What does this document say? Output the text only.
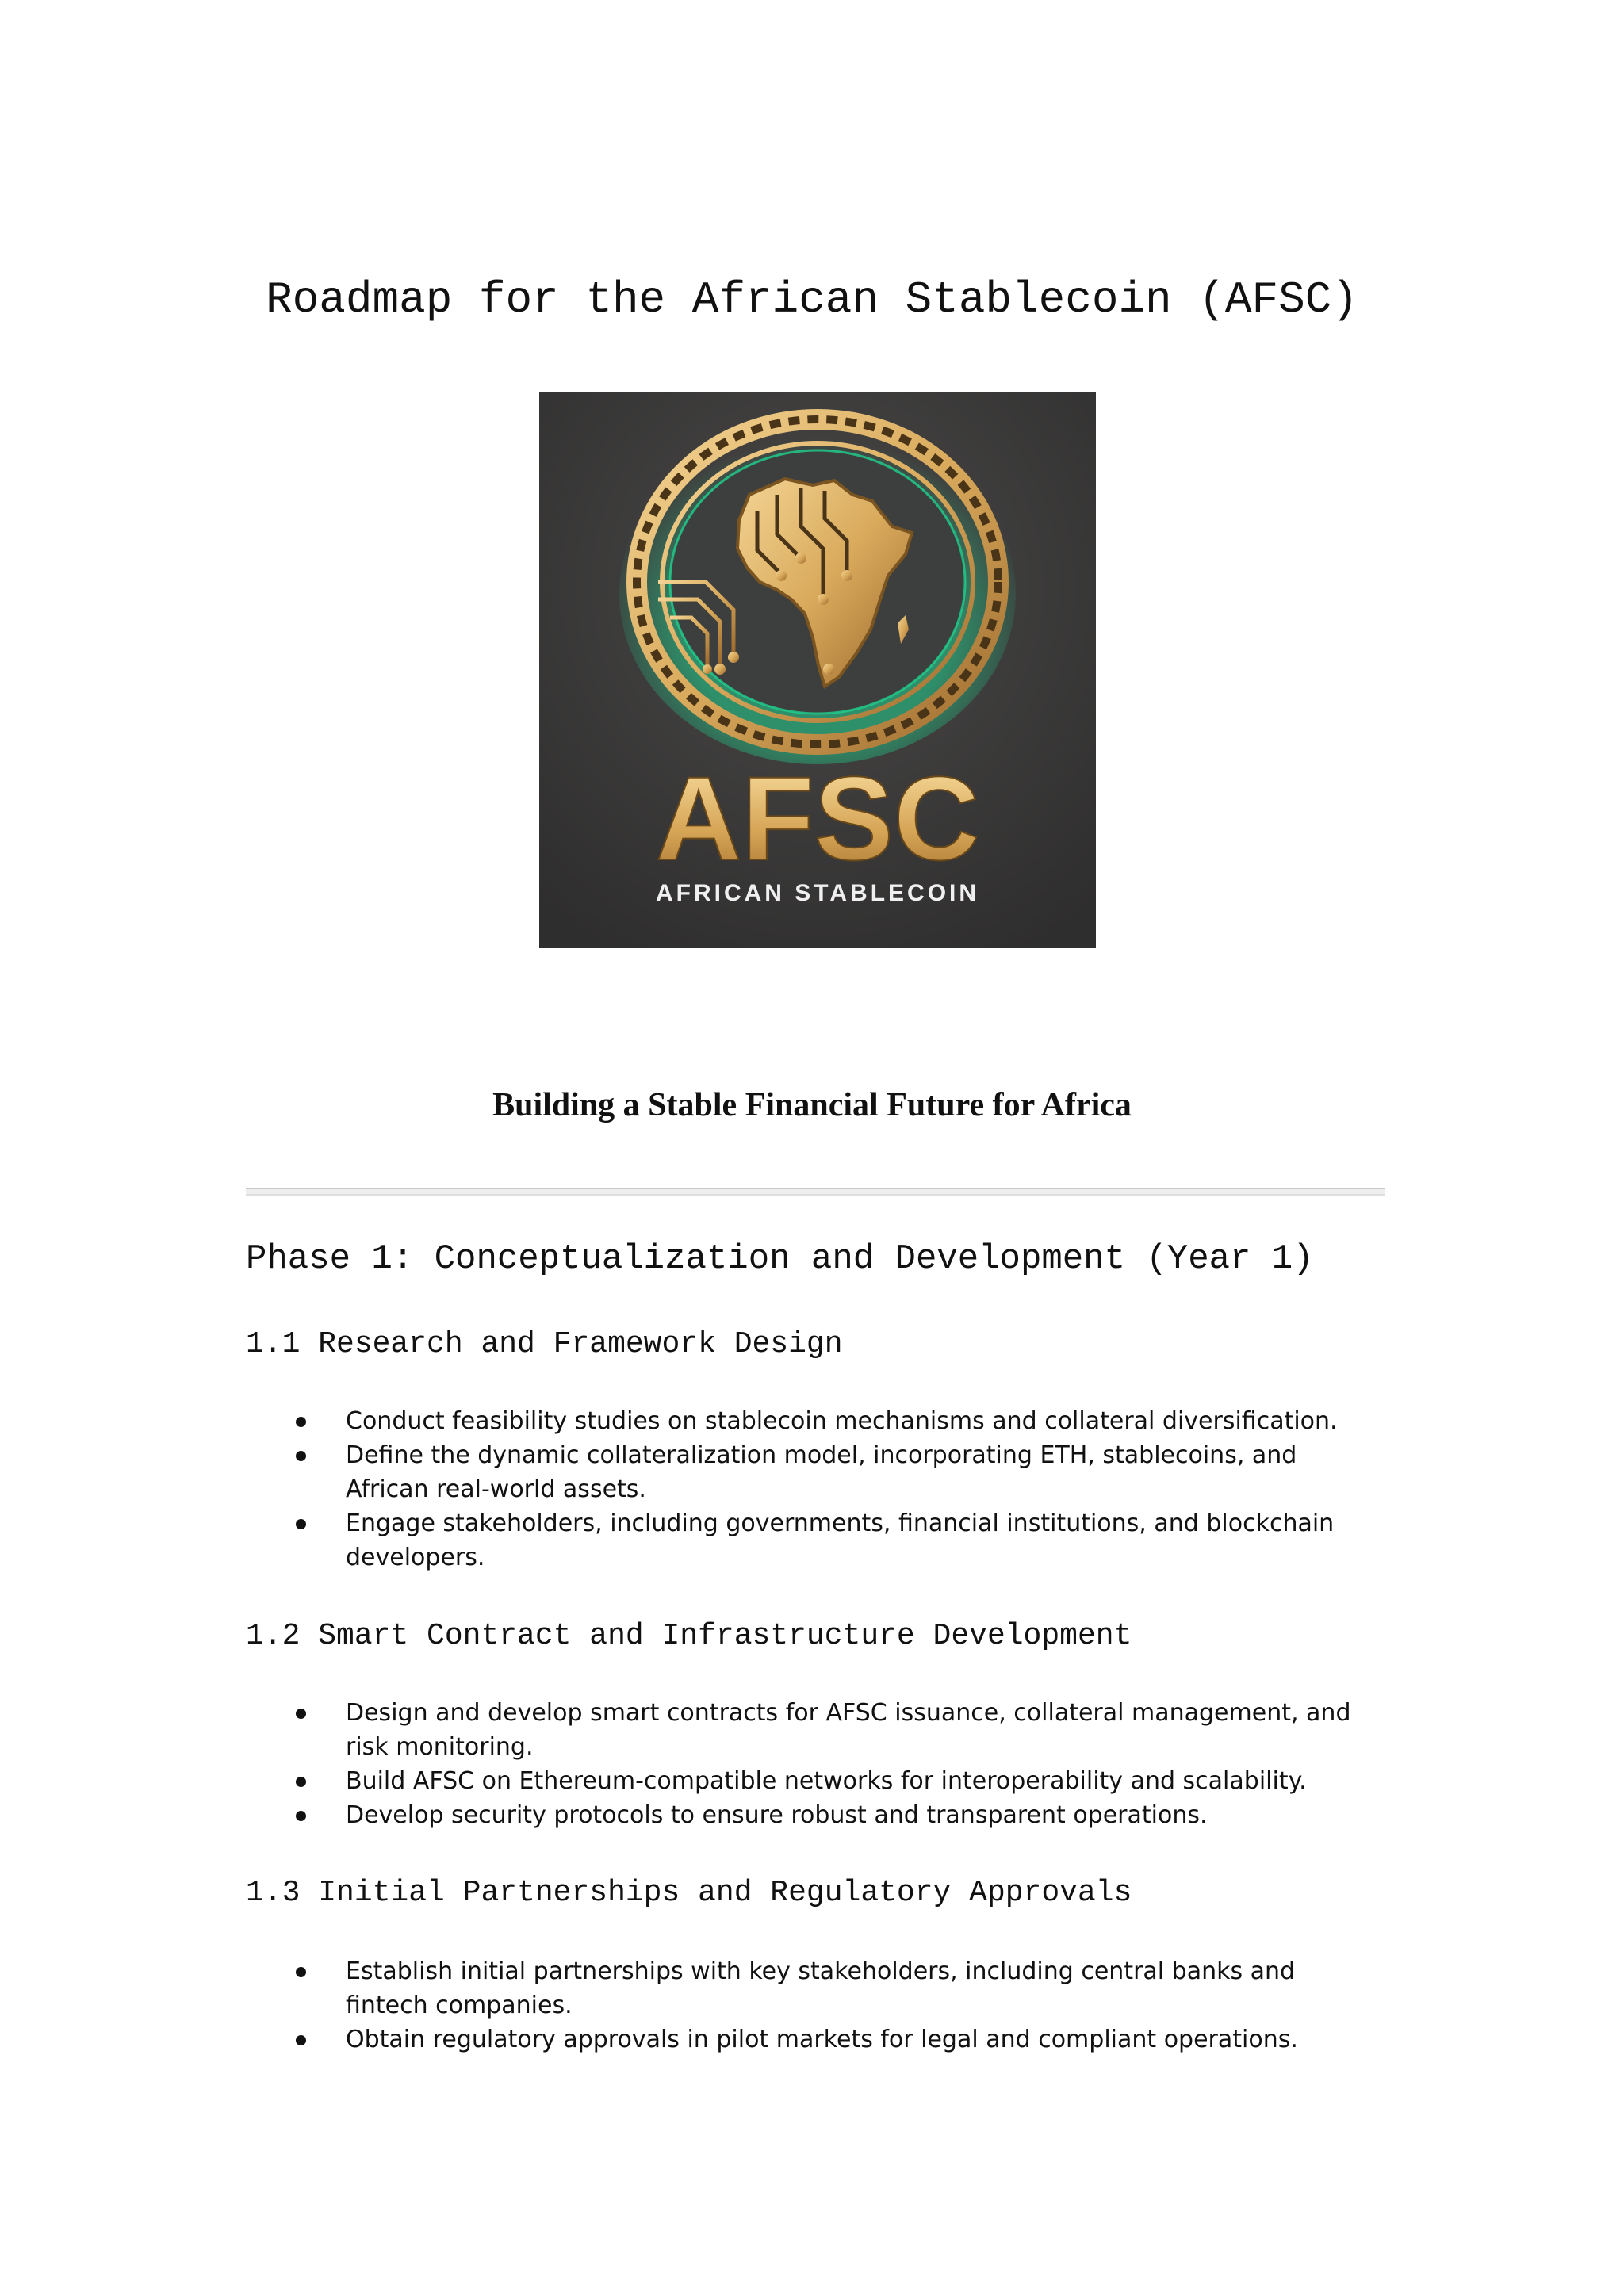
Roadmap for the African Stablecoin (AFSC)
AFSC
AFRICAN STABLECOIN
Building a Stable Financial Future for Africa
Phase 1: Conceptualization and Development (Year 1)
1.1 Research and Framework Design
Conduct feasibility studies on stablecoin mechanisms and collateral diversification.
Define the dynamic collateralization model, incorporating ETH, stablecoins, and African real-world assets.
Engage stakeholders, including governments, financial institutions, and blockchain developers.
1.2 Smart Contract and Infrastructure Development
Design and develop smart contracts for AFSC issuance, collateral management, and risk monitoring.
Build AFSC on Ethereum-compatible networks for interoperability and scalability.
Develop security protocols to ensure robust and transparent operations.
1.3 Initial Partnerships and Regulatory Approvals
Establish initial partnerships with key stakeholders, including central banks and fintech companies.
Obtain regulatory approvals in pilot markets for legal and compliant operations.
